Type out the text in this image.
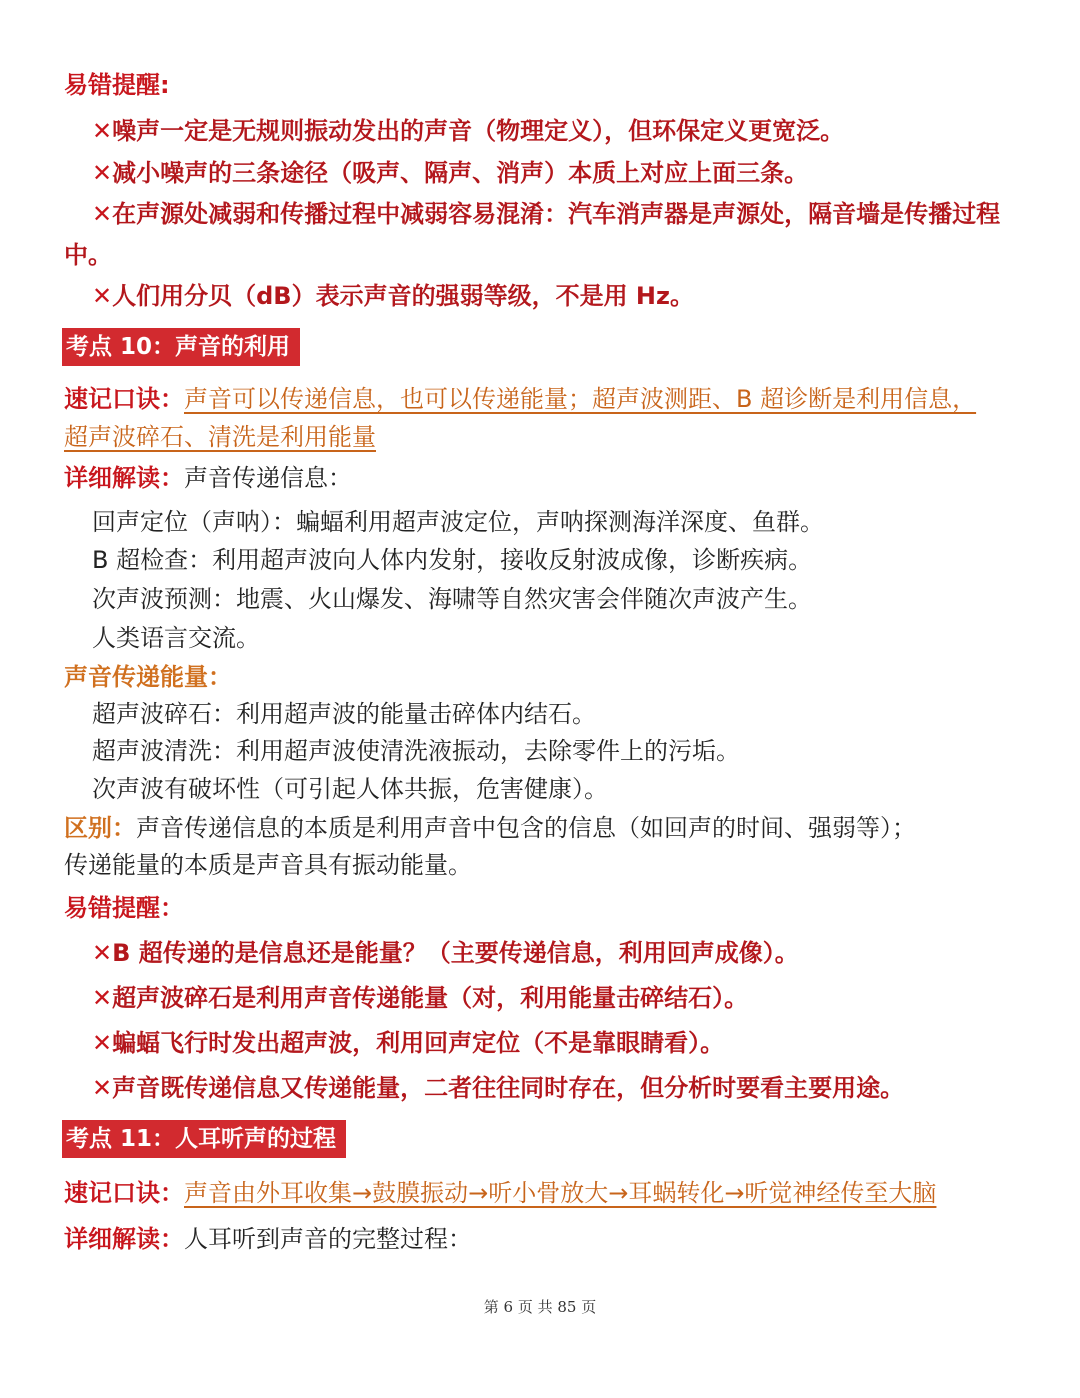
易错提醒:
✕噪声一定是无规则振动发出的声音（物理定义），但环保定义更宽泛。
✕减小噪声的三条途径（吸声、隔声、消声）本质上对应上面三条。
✕在声源处减弱和传播过程中减弱容易混淆：汽车消声器是声源处，隔音墙是传播过程
中。
✕人们用分贝（dB）表示声音的强弱等级，不是用 Hz。
考点 10：声音的利用
速记口诀：声音可以传递信息，也可以传递能量；超声波测距、B 超诊断是利用信息，
超声波碎石、清洗是利用能量
详细解读：声音传递信息：
回声定位（声呐）：蝙蝠利用超声波定位，声呐探测海洋深度、鱼群。
B 超检查：利用超声波向人体内发射，接收反射波成像，诊断疾病。
次声波预测：地震、火山爆发、海啸等自然灾害会伴随次声波产生。
人类语言交流。
声音传递能量：
超声波碎石：利用超声波的能量击碎体内结石。
超声波清洗：利用超声波使清洗液振动，去除零件上的污垢。
次声波有破坏性（可引起人体共振，危害健康）。
区别：声音传递信息的本质是利用声音中包含的信息（如回声的时间、强弱等）；
传递能量的本质是声音具有振动能量。
易错提醒：
✕B 超传递的是信息还是能量？（主要传递信息，利用回声成像）。
✕超声波碎石是利用声音传递能量（对，利用能量击碎结石）。
✕蝙蝠飞行时发出超声波，利用回声定位（不是靠眼睛看）。
✕声音既传递信息又传递能量，二者往往同时存在，但分析时要看主要用途。
考点 11：人耳听声的过程
速记口诀：声音由外耳收集→鼓膜振动→听小骨放大→耳蜗转化→听觉神经传至大脑
详细解读：人耳听到声音的完整过程：
第 6 页 共 85 页
